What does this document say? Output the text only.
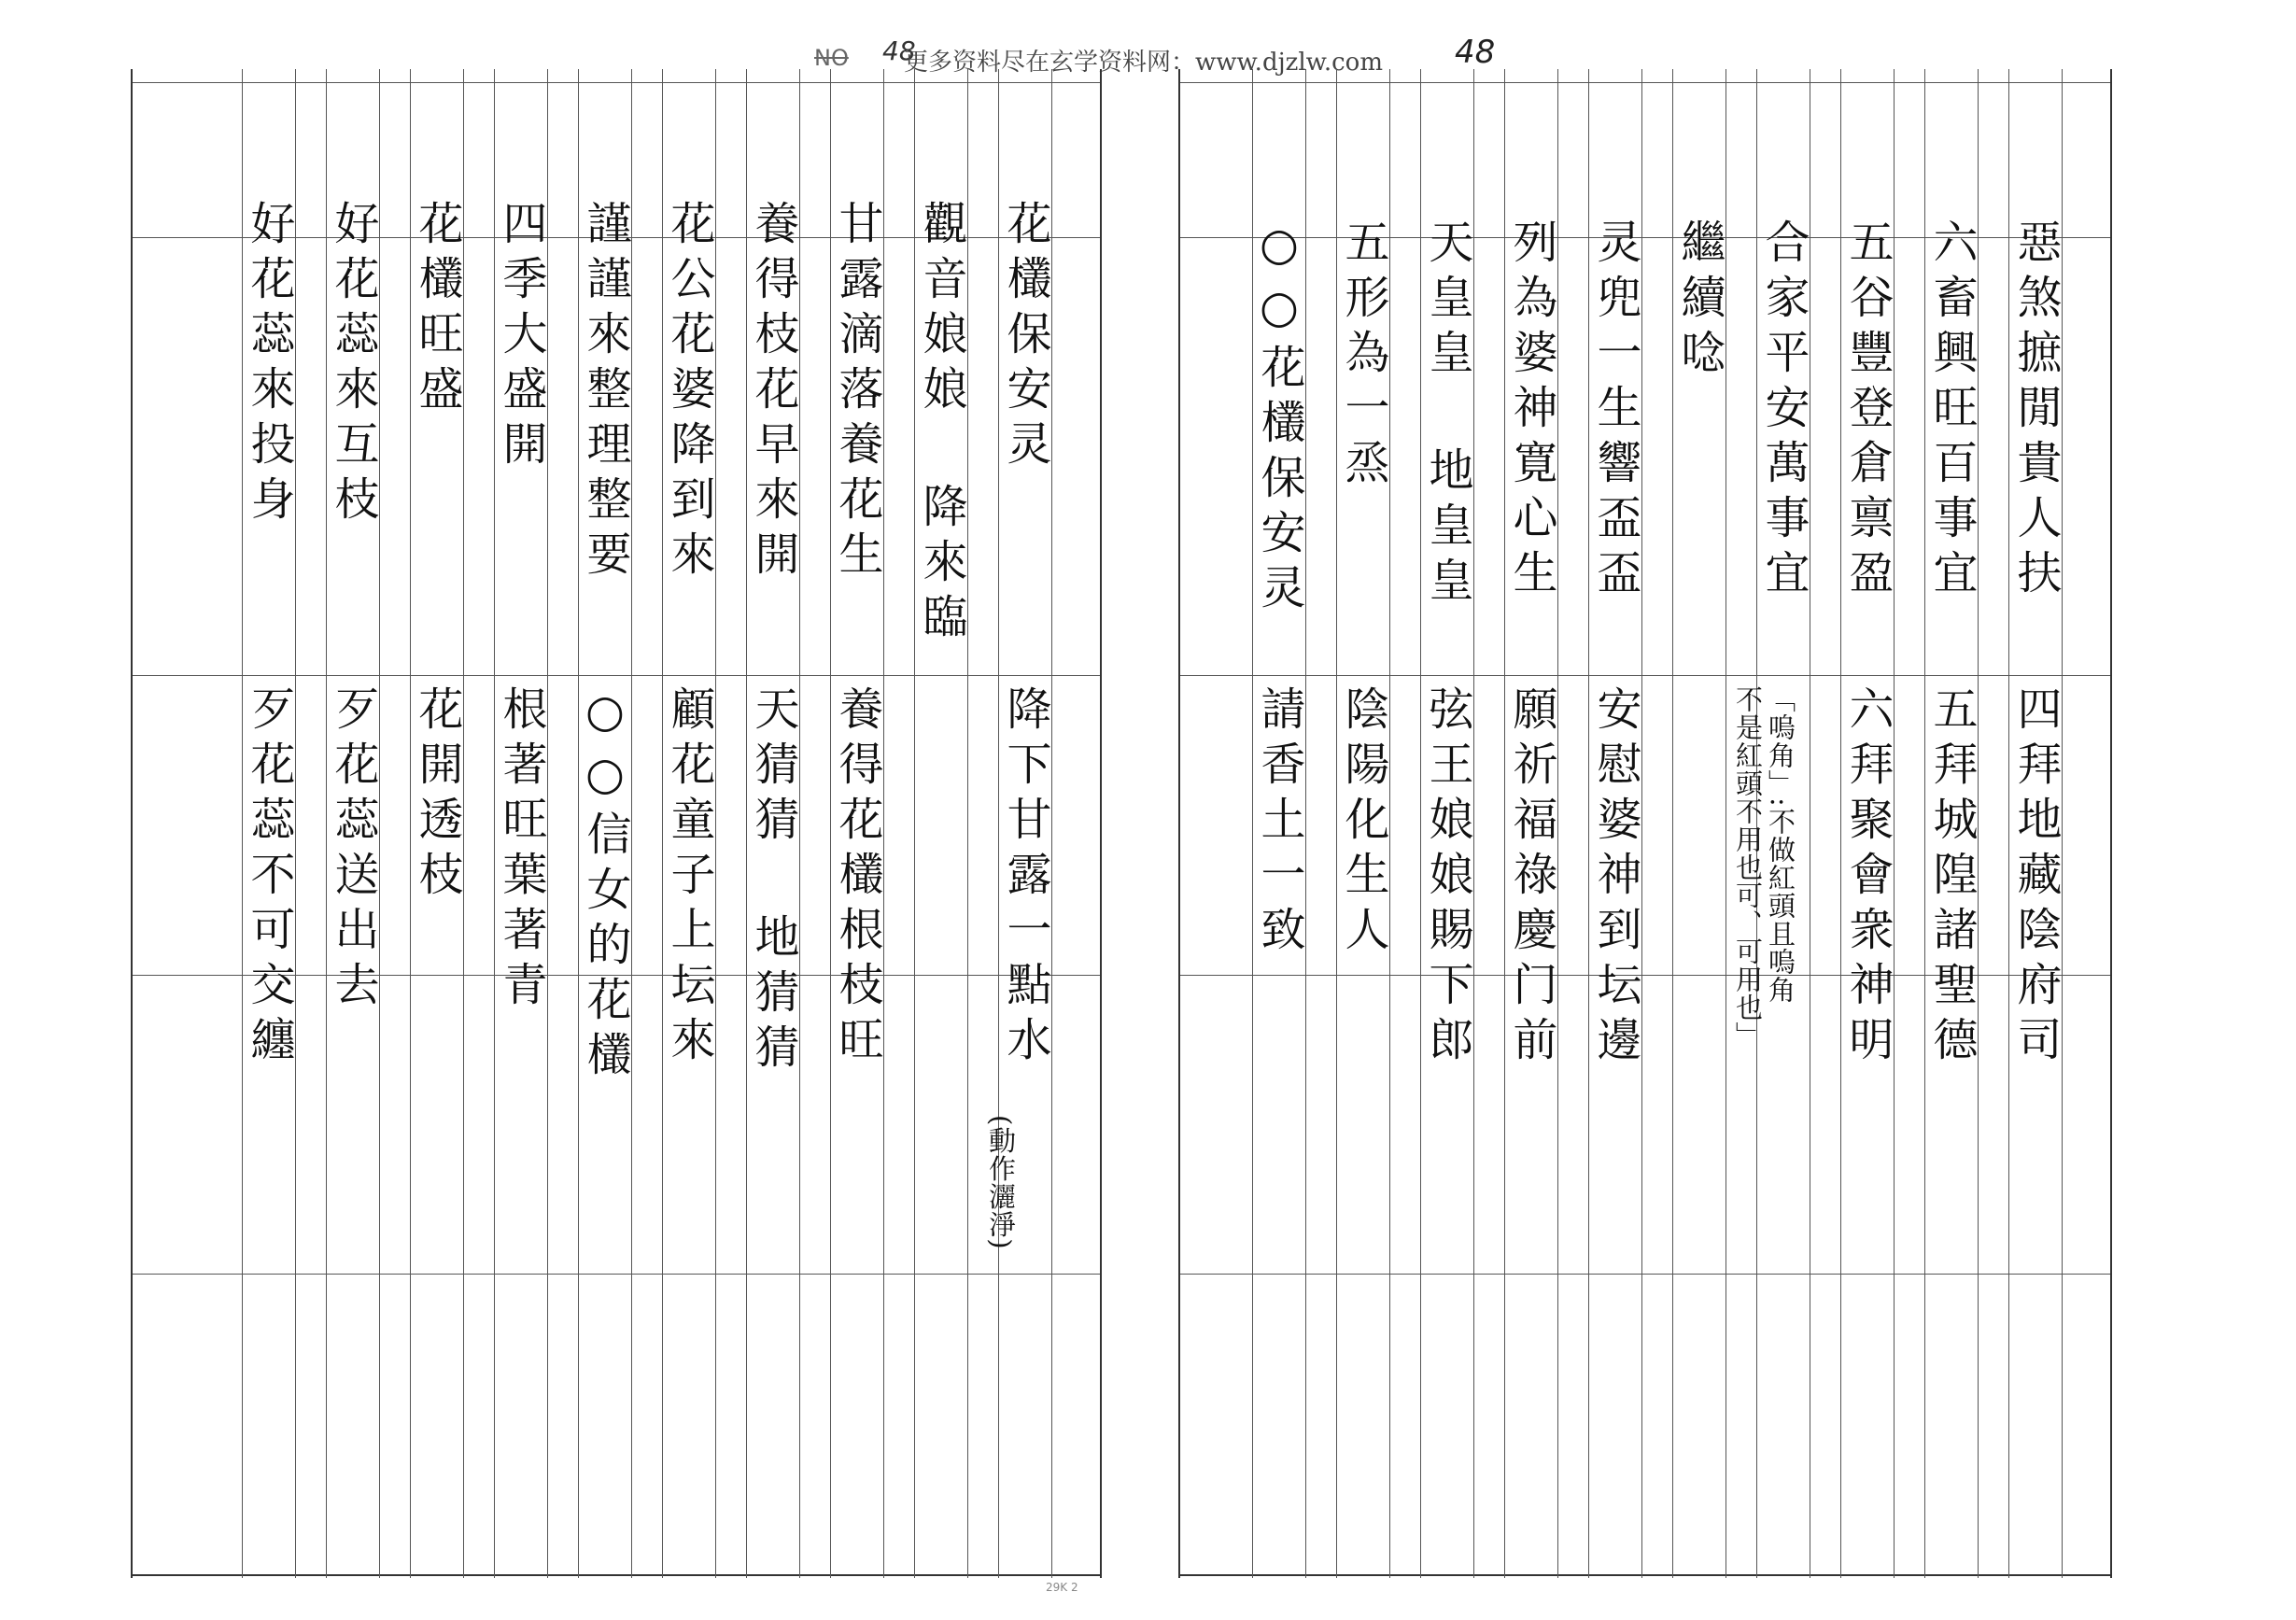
NO 48
更多资料尽在玄学资料网：www.djzlw.com 48
惡煞摭閒貴人扶
四拜地藏陰府司
六畜興旺百事宜
五拜城隍諸聖德
五谷豐登倉禀盈
六拜聚會衆神明
合家平安萬事宜
繼續唸
灵兜一生響盃盃
安慰婆神到坛邊
列為婆神寛心生
願祈福祿慶门前
天皇皇 地皇皇
弦王娘娘賜下郎
五形為一烝
陰陽化生人
○○花欉保安灵
請香土一致	「嗚角」:不做紅頭且嗚角
不是紅頭不用也可、可用也」
花欉保安灵
降下甘露一點水
觀音娘娘 降來臨
甘露滴落養花生
養得花欉根枝旺
養得枝花早來開
天猜猜 地猜猜
花公花婆降到來
顧花童子上坛來
謹謹來整理整要
○○信女的花欉
四季大盛開
根著旺葉著青
花欉旺盛
花開透枝
好花蕊來互枝
歹花蕊送出去
好花蕊來投身
歹花蕊不可交纏
(動作灑淨)
29K 2
